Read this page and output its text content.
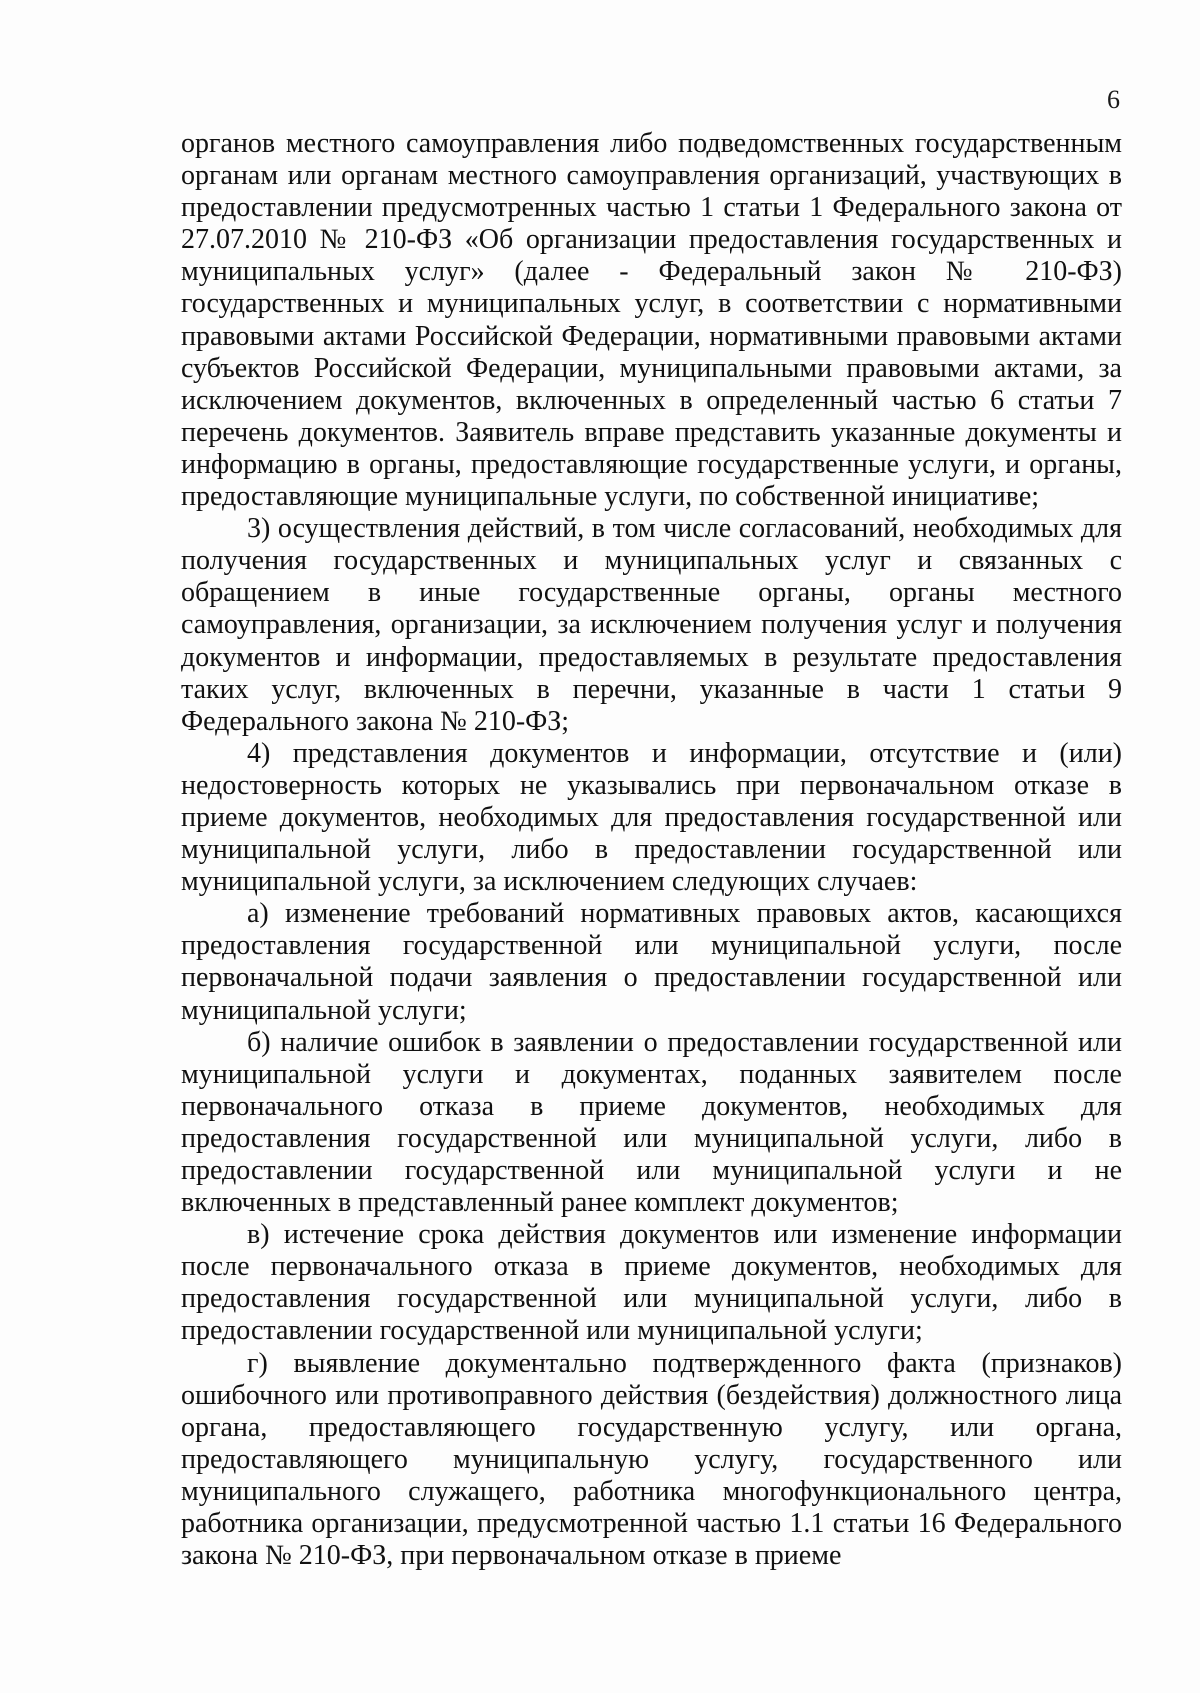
6

органов местного самоуправления либо подведомственных государственным органам или органам местного самоуправления организаций, участвующих в предоставлении предусмотренных частью 1 статьи 1 Федерального закона от 27.07.2010 № 210-ФЗ «Об организации предоставления государственных и муниципальных услуг» (далее - Федеральный закон № 210-ФЗ) государственных и муниципальных услуг, в соответствии с нормативными правовыми актами Российской Федерации, нормативными правовыми актами субъектов Российской Федерации, муниципальными правовыми актами, за исключением документов, включенных в определенный частью 6 статьи 7 перечень документов. Заявитель вправе представить указанные документы и информацию в органы, предоставляющие государственные услуги, и органы, предоставляющие муниципальные услуги, по собственной инициативе;

3) осуществления действий, в том числе согласований, необходимых для получения государственных и муниципальных услуг и связанных с обращением в иные государственные органы, органы местного самоуправления, организации, за исключением получения услуг и получения документов и информации, предоставляемых в результате предоставления таких услуг, включенных в перечни, указанные в части 1 статьи 9 Федерального закона № 210-ФЗ;

4) представления документов и информации, отсутствие и (или) недостоверность которых не указывались при первоначальном отказе в приеме документов, необходимых для предоставления государственной или муниципальной услуги, либо в предоставлении государственной или муниципальной услуги, за исключением следующих случаев:

а) изменение требований нормативных правовых актов, касающихся предоставления государственной или муниципальной услуги, после первоначальной подачи заявления о предоставлении государственной или муниципальной услуги;

б) наличие ошибок в заявлении о предоставлении государственной или муниципальной услуги и документах, поданных заявителем после первоначального отказа в приеме документов, необходимых для предоставления государственной или муниципальной услуги, либо в предоставлении государственной или муниципальной услуги и не включенных в представленный ранее комплект документов;

в) истечение срока действия документов или изменение информации после первоначального отказа в приеме документов, необходимых для предоставления государственной или муниципальной услуги, либо в предоставлении государственной или муниципальной услуги;

г) выявление документально подтвержденного факта (признаков) ошибочного или противоправного действия (бездействия) должностного лица органа, предоставляющего государственную услугу, или органа, предоставляющего муниципальную услугу, государственного или муниципального служащего, работника многофункционального центра, работника организации, предусмотренной частью 1.1 статьи 16 Федерального закона № 210-ФЗ, при первоначальном отказе в приеме
